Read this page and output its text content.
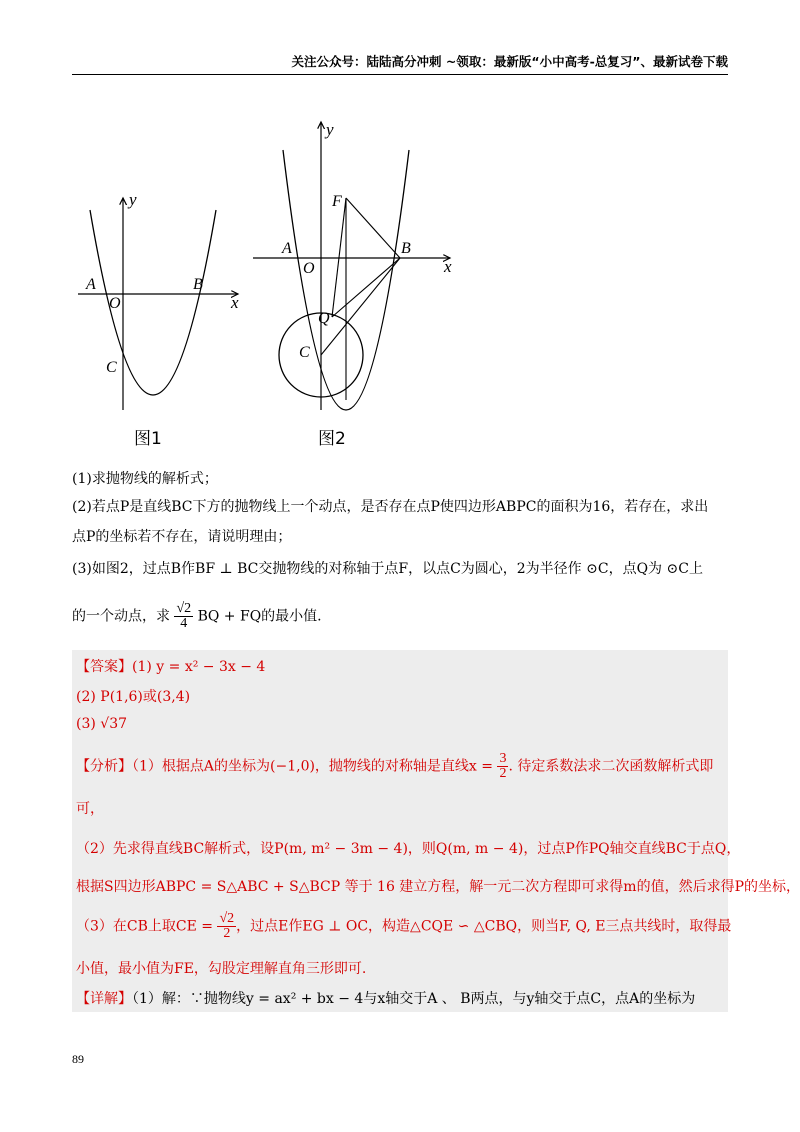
关注公众号：陆陆高分冲刺 ~领取：最新版“小中高考-总复习”、最新试卷下载
y
x
A
O
B
C
图1
y
x
F
A
O
B
Q
C
图2
(1)求抛物线的解析式；
(2)若点P是直线BC下方的抛物线上一个动点，是否存在点P使四边形ABPC的面积为16，若存在，求出
点P的坐标若不存在，请说明理由；
(3)如图2，过点B作BF ⊥ BC交抛物线的对称轴于点F，以点C为圆心，2为半径作 ⊙C，点Q为 ⊙C上
的一个动点，求 $\frac{√2}{4}$ BQ + FQ的最小值.
【答案】(1) y = x² − 3x − 4
(2) P(1,6)或(3,4)
(3) √37
【分析】（1）根据点A的坐标为(−1,0)，抛物线的对称轴是直线$x = \frac{3}{2}$ . 待定系数法求二次函数解析式即
可，
（2）先求得直线BC解析式，设P(m, m² − 3m − 4)，则Q(m, m − 4)，过点P作PQ轴交直线BC于点Q，
根据S四边形ABPC = S△ABC + S△BCP 等于 16 建立方程，解一元二次方程即可求得m的值，然后求得P的坐标，
（3）在CB上取CE = $\frac{√2}{2}$ ，过点E作EG ⊥ OC，构造△CQE ∽ △CBQ，则当F, Q, E三点共线时，取得最
小值，最小值为FE，勾股定理解直角三形即可.
【详解】（1）解：∵抛物线y = ax² + bx − 4与x轴交于A 、 B两点，与y轴交于点C，点A的坐标为
89
